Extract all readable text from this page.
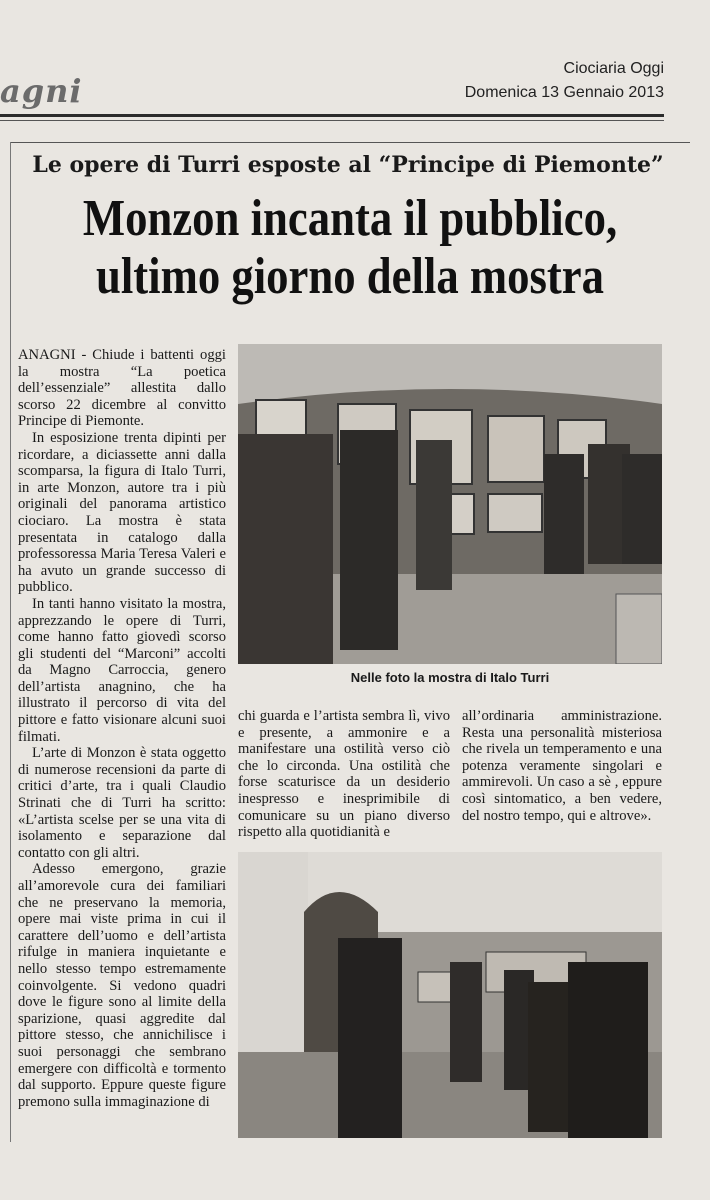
agni
Ciociaria Oggi
Domenica 13 Gennaio 2013
Le opere di Turri esposte al “Principe di Piemonte”
Monzon incanta il pubblico,
ultimo giorno della mostra

ANAGNI - Chiude i battenti oggi la mostra “La poetica dell’essenziale” allestita dallo scorso 22 dicembre al convitto Principe di Piemonte.

In esposizione trenta dipinti per ricordare, a diciassette anni dalla scomparsa, la figura di Italo Turri, in arte Monzon, autore tra i più originali del panorama artistico ciociaro. La mostra è stata presentata in catalogo dalla professoressa Maria Teresa Valeri e ha avuto un grande successo di pubblico.

In tanti hanno visitato la mostra, apprezzando le opere di Turri, come hanno fatto giovedì scorso gli studenti del “Marconi” accolti da Magno Carroccia, genero dell’artista anagnino, che ha illustrato il percorso di vita del pittore e fatto visionare alcuni suoi filmati.

L’arte di Monzon è stata oggetto di numerose recensioni da parte di critici d’arte, tra i quali Claudio Strinati che di Turri ha scritto: «L’artista scelse per se una vita di isolamento e separazione dal contatto con gli altri.

Adesso emergono, grazie all’amorevole cura dei familiari che ne preservano la memoria, opere mai viste prima in cui il carattere dell’uomo e dell’artista rifulge in maniera inquietante e nello stesso tempo estremamente coinvolgente. Si vedono quadri dove le figure sono al limite della sparizione, quasi aggredite dal pittore stesso, che annichilisce i suoi personaggi che sembrano emergere con difficoltà e tormento dal supporto. Eppure queste figure premono sulla immaginazione di

Nelle foto la mostra di Italo Turri

chi guarda e l’artista sembra lì, vivo e presente, a ammonire e a manifestare una ostilità verso ciò che lo circonda. Una ostilità che forse scaturisce da un desiderio inespresso e inesprimibile di comunicare su un piano diverso rispetto alla quotidianità e

all’ordinaria amministrazione. Resta una personalità misteriosa che rivela un temperamento e una potenza veramente singolari e ammirevoli. Un caso a sè , eppure così sintomatico, a ben vedere, del nostro tempo, qui e altrove».
